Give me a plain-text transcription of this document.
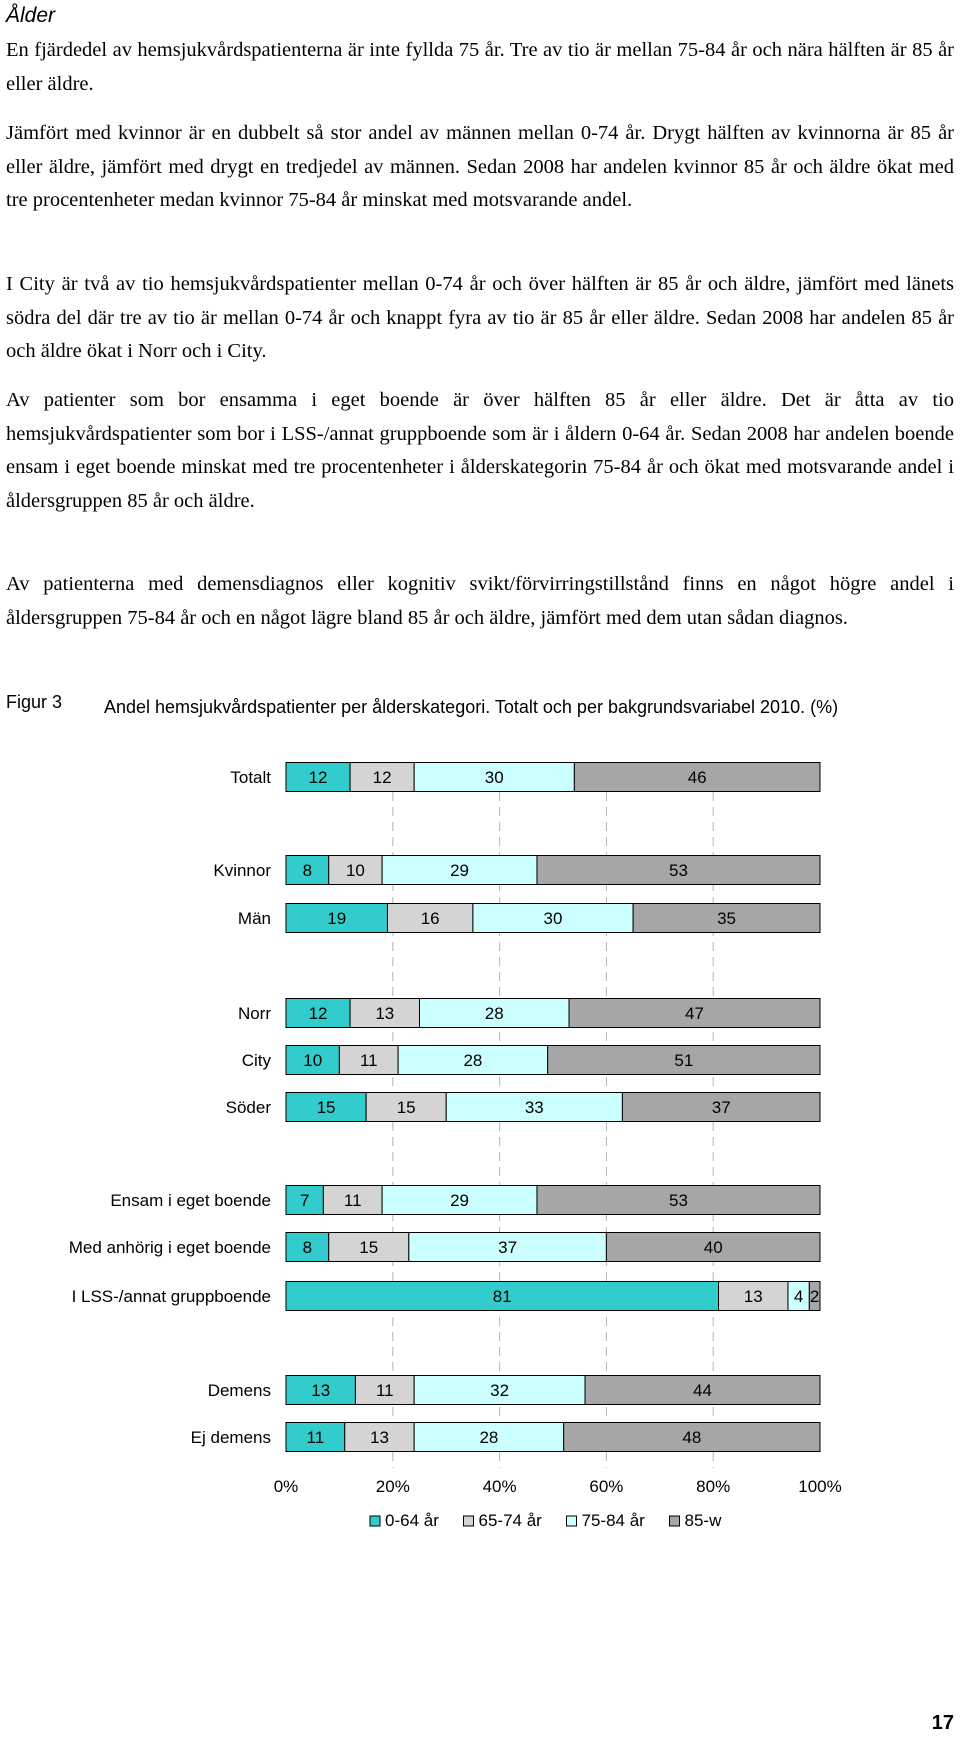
Ålder

En fjärdedel av hemsjukvårdspatienterna är inte fyllda 75 år. Tre av tio är mellan 75-84 år och nära hälften är 85 år eller äldre.

Jämfört med kvinnor är en dubbelt så stor andel av männen mellan 0-74 år. Drygt hälften av kvinnorna är 85 år eller äldre, jämfört med drygt en tredjedel av männen. Sedan 2008 har andelen kvinnor 85 år och äldre ökat med tre procentenheter medan kvinnor 75-84 år minskat med motsvarande andel.

I City är två av tio hemsjukvårdspatienter mellan 0-74 år och över hälften är 85 år och äldre, jämfört med länets södra del där tre av tio är mellan 0-74 år och knappt fyra av tio är 85 år eller äldre. Sedan 2008 har andelen 85 år och äldre ökat i Norr och i City.

Av patienter som bor ensamma i eget boende är över hälften 85 år eller äldre. Det är åtta av tio hemsjukvårdspatienter som bor i LSS-/annat gruppboende som är i åldern 0-64 år. Sedan 2008 har andelen boende ensam i eget boende minskat med tre procentenheter i ålderskategorin 75-84 år och ökat med motsvarande andel i åldersgruppen 85 år och äldre.

Av patienterna med demensdiagnos eller kognitiv svikt/förvirringstillstånd finns en något högre andel i åldersgruppen 75-84 år och en något lägre bland 85 år och äldre, jämfört med dem utan sådan diagnos.

Figur 3 Andel hemsjukvårdspatienter per ålderskategori. Totalt och per bakgrundsvariabel 2010. (%)
12	12	30	46
8 10	29	53
19	16	30	35
12	13	28	47
10 11	28	51
15	15	33	37
7 11	29	53
8	15	37	40
81	13 4 2
13	11	32	44
11	13	28	48
Totalt
Kvinnor
Män
Norr
City
Söder
Ensam i eget boende
Med anhörig i eget boende
I LSS-/annat gruppboende
Demens
Ej demens
0%	20%	40%	60%	80%	100%
0-64 år 65-74 år 75-84 år 85-w
17
